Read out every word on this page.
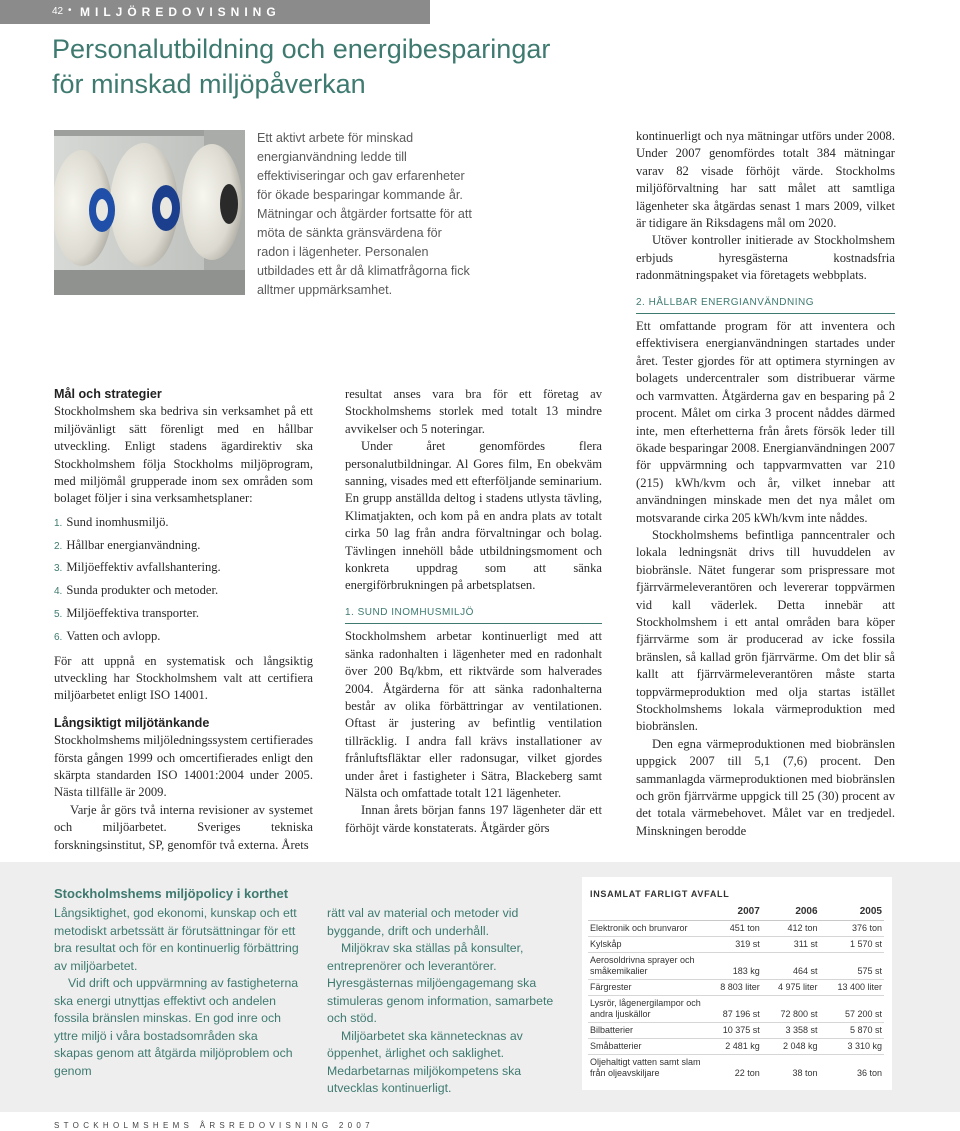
42 • MILJÖREDOVISNING
Personalutbildning och energibesparingar
för minskad miljöpåverkan
Ett aktivt arbete för minskad energianvändning ledde till effektiviseringar och gav erfarenheter för ökade besparingar kommande år. Mätningar och åtgärder fortsatte för att möta de sänkta gränsvärdena för radon i lägenheter. Personalen utbildades ett år då klimatfrågorna fick alltmer uppmärksamhet.

Mål och strategier

Stockholmshem ska bedriva sin verksamhet på ett miljövänligt sätt förenligt med en hållbar utveckling. Enligt stadens ägardirektiv ska Stockholmshem följa Stockholms miljöprogram, med miljömål grupperade inom sex områden som bolaget följer i sina verksamhetsplaner:

1. Sund inomhusmiljö.
2. Hållbar energianvändning.
3. Miljöeffektiv avfallshantering.
4. Sunda produkter och metoder.
5. Miljöeffektiva transporter.
6. Vatten och avlopp.

För att uppnå en systematisk och långsiktig utveckling har Stockholmshem valt att certifiera miljöarbetet enligt ISO 14001.

Långsiktigt miljötänkande

Stockholmshems miljöledningssystem certifierades första gången 1999 och omcertifierades enligt den skärpta standarden ISO 14001:2004 under 2005. Nästa tillfälle är 2009.

Varje år görs två interna revisioner av systemet och miljöarbetet. Sveriges tekniska forskningsinstitut, SP, genomför två externa. Årets

resultat anses vara bra för ett företag av Stockholmshems storlek med totalt 13 mindre avvikelser och 5 noteringar.

Under året genomfördes flera personalutbildningar. Al Gores film, En obekväm sanning, visades med ett efterföljande seminarium. En grupp anställda deltog i stadens utlysta tävling, Klimatjakten, och kom på en andra plats av totalt cirka 50 lag från andra förvaltningar och bolag. Tävlingen innehöll både utbildningsmoment och konkreta uppdrag som att sänka energiförbrukningen på arbetsplatsen.

1. SUND INOMHUSMILJÖ

Stockholmshem arbetar kontinuerligt med att sänka radonhalten i lägenheter med en radonhalt över 200 Bq/kbm, ett riktvärde som halverades 2004. Åtgärderna för att sänka radonhalterna består av olika förbättringar av ventilationen. Oftast är justering av befintlig ventilation tillräcklig. I andra fall krävs installationer av frånluftsfläktar eller radonsugar, vilket gjordes under året i fastigheter i Sätra, Blackeberg samt Nälsta och omfattade totalt 121 lägenheter.

Innan årets början fanns 197 lägenheter där ett förhöjt värde konstaterats. Åtgärder görs

kontinuerligt och nya mätningar utförs under 2008. Under 2007 genomfördes totalt 384 mätningar varav 82 visade förhöjt värde. Stockholms miljöförvaltning har satt målet att samtliga lägenheter ska åtgärdas senast 1 mars 2009, vilket är tidigare än Riksdagens mål om 2020.

Utöver kontroller initierade av Stockholmshem erbjuds hyresgästerna kostnadsfria radonmätningspaket via företagets webbplats.

2. HÅLLBAR ENERGIANVÄNDNING

Ett omfattande program för att inventera och effektivisera energianvändningen startades under året. Tester gjordes för att optimera styrningen av bolagets undercentraler som distribuerar värme och varmvatten. Åtgärderna gav en besparing på 2 procent. Målet om cirka 3 procent nåddes därmed inte, men efterhetterna från årets försök leder till ökade besparingar 2008. Energianvändningen 2007 för uppvärmning och tappvarmvatten var 210 (215) kWh/kvm och år, vilket innebar att användningen minskade men det nya målet om motsvarande cirka 205 kWh/kvm inte nåddes.

Stockholmshems befintliga panncentraler och lokala ledningsnät drivs till huvuddelen av biobränsle. Nätet fungerar som prispressare mot fjärrvärmeleverantören och levererar toppvärmen vid kall väderlek. Detta innebär att Stockholmshem i ett antal områden bara köper fjärrvärme som är producerad av icke fossila bränslen, så kallad grön fjärrvärme. Om det blir så kallt att fjärrvärmeleverantören måste starta toppvärmeproduktion med olja startas istället Stockholmshems lokala värmeproduktion med biobränslen.

Den egna värmeproduktionen med biobränslen uppgick 2007 till 5,1 (7,6) procent. Den sammanlagda värmeproduktionen med biobränslen och grön fjärrvärme uppgick till 25 (30) procent av det totala värmebehovet. Målet var en tredjedel. Minskningen berodde

Stockholmshems miljöpolicy i korthet

Långsiktighet, god ekonomi, kunskap och ett metodiskt arbetssätt är förutsättningar för ett bra resultat och för en kontinuerlig förbättring av miljöarbetet.

Vid drift och uppvärmning av fastigheterna ska energi utnyttjas effektivt och andelen fossila bränslen minskas. En god inre och yttre miljö i våra bostadsområden ska skapas genom att åtgärda miljöproblem och genom

rätt val av material och metoder vid byggande, drift och underhåll.

Miljökrav ska ställas på konsulter, entreprenörer och leverantörer. Hyresgästernas miljöengagemang ska stimuleras genom information, samarbete och stöd.

Miljöarbetet ska kännetecknas av öppenhet, ärlighet och saklighet. Medarbetarnas miljökompetens ska utvecklas kontinuerligt.

INSAMLAT FARLIGT AVFALL
	2007	2006	2005
Elektronik och brunvaror	451 ton	412 ton	376 ton
Kylskåp	319 st	311 st	1 570 st
Aerosoldrivna sprayer och småkemikalier	183 kg	464 st	575 st
Färgrester	8 803 liter	4 975 liter	13 400 liter
Lysrör, lågenergilampor och andra ljuskällor	87 196 st	72 800 st	57 200 st
Bilbatterier	10 375 st	3 358 st	5 870 st
Småbatterier	2 481 kg	2 048 kg	3 310 kg
Oljehaltigt vatten samt slam från oljeavskiljare	22 ton	38 ton	36 ton
STOCKHOLMSHEMS ÅRSREDOVISNING 2007
